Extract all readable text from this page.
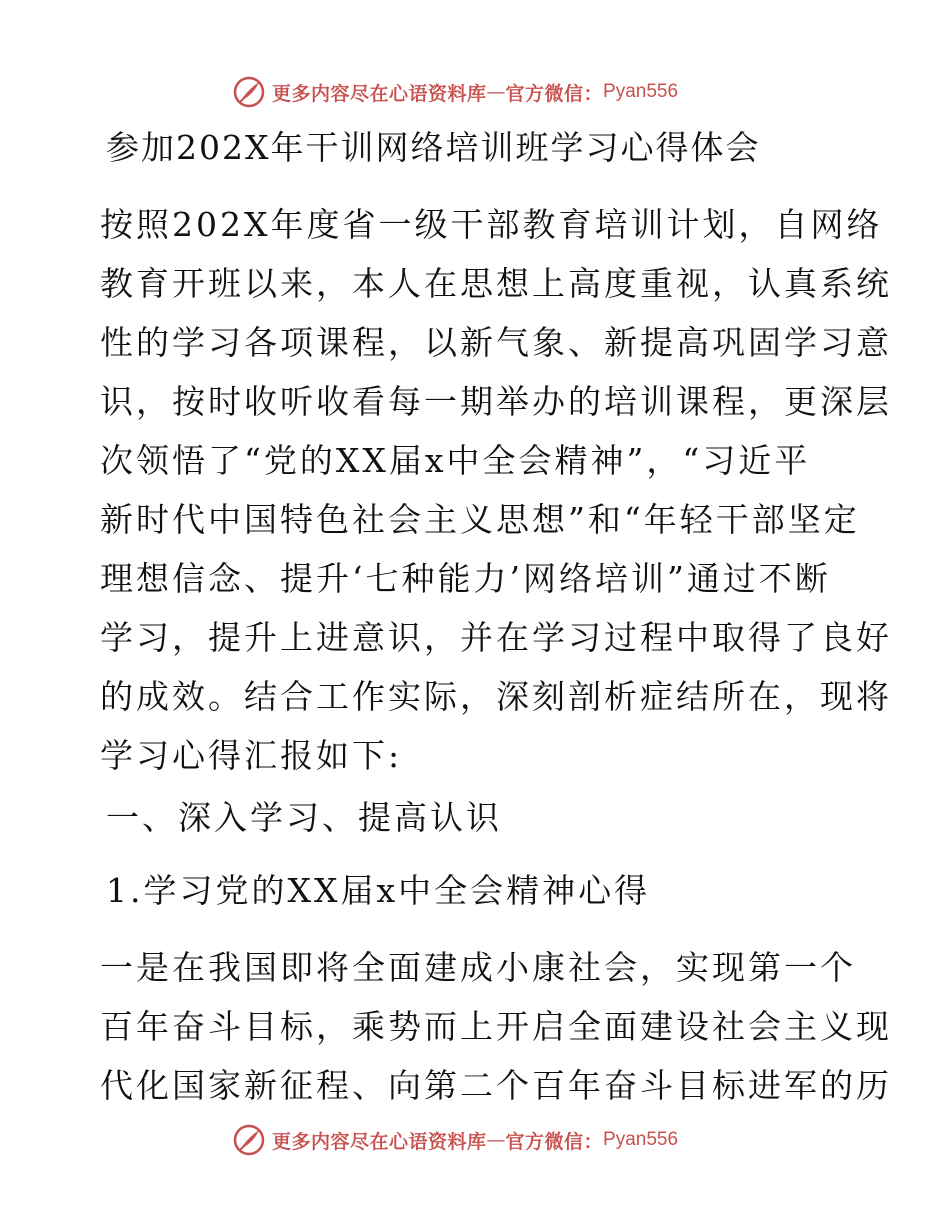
更多内容尽在心语资料库 — 官方微信： Pyan556
参加202X年干训网络培训班学习心得体会
按照202X年度省一级干部教育培训计划，自网络
教育开班以来，本人在思想上高度重视，认真系统
性的学习各项课程，以新气象、新提高巩固学习意
识，按时收听收看每一期举办的培训课程，更深层
次领悟了“党的XX届x中全会精神”，“习近平
新时代中国特色社会主义思想”和“年轻干部坚定
理想信念、提升‘七种能力’网络培训”通过不断
学习，提升上进意识，并在学习过程中取得了良好
的成效。结合工作实际，深刻剖析症结所在，现将
学习心得汇报如下:
一、深入学习、提高认识
1.学习党的XX届x中全会精神心得
一是在我国即将全面建成小康社会，实现第一个
百年奋斗目标，乘势而上开启全面建设社会主义现
代化国家新征程、向第二个百年奋斗目标进军的历
更多内容尽在心语资料库 — 官方微信： Pyan556
